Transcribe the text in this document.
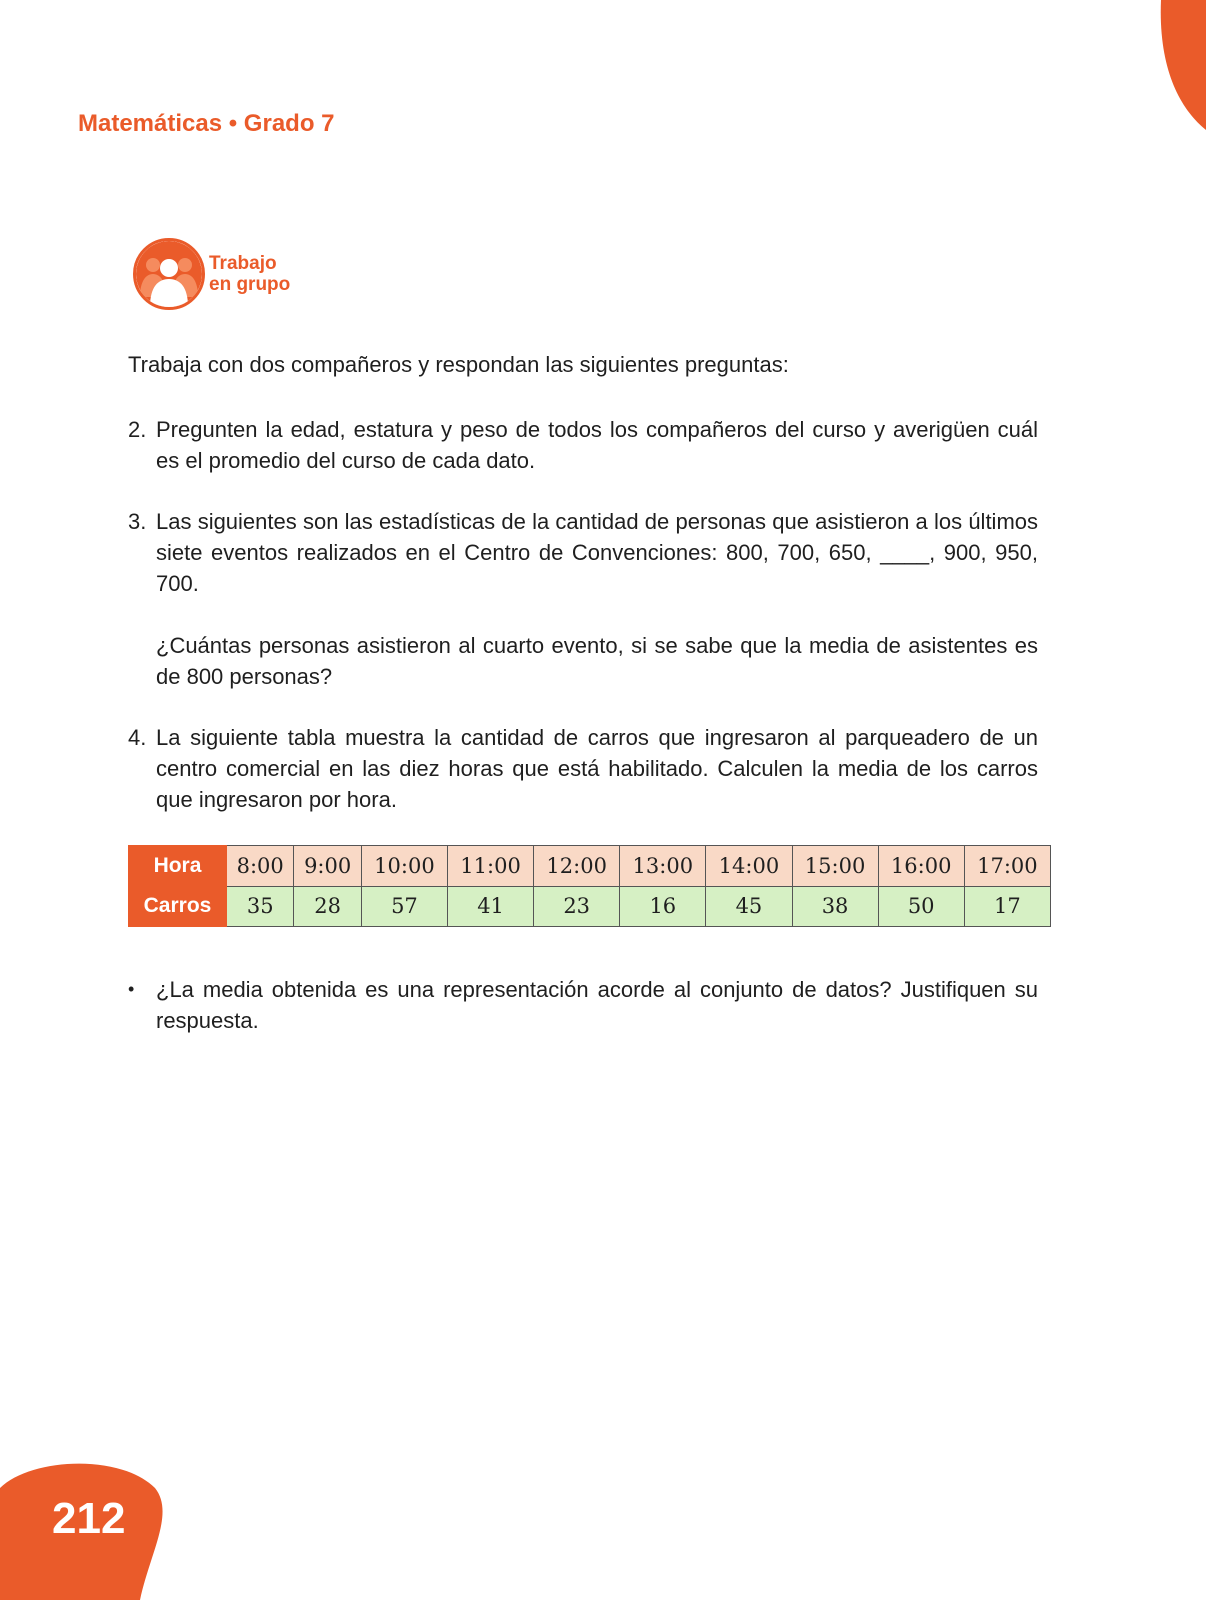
Matemáticas • Grado 7
Trabajo
en grupo
Trabaja con dos compañeros y respondan las siguientes preguntas:
2. Pregunten la edad, estatura y peso de todos los compañeros del curso y averigüen cuál es el promedio del curso de cada dato.
3. Las siguientes son las estadísticas de la cantidad de personas que asistieron a los últimos siete eventos realizados en el Centro de Convenciones: 800, 700, 650, ____, 900, 950, 700.
¿Cuántas personas asistieron al cuarto evento, si se sabe que la media de asistentes es de 800 personas?
4. La siguiente tabla muestra la cantidad de carros que ingresaron al parqueadero de un centro comercial en las diez horas que está habilitado. Calculen la media de los carros que ingresaron por hora.
Hora	8:00	9:00	10:00	11:00	12:00	13:00	14:00	15:00	16:00	17:00
Carros	35	28	57	41	23	16	45	38	50	17
• ¿La media obtenida es una representación acorde al conjunto de datos? Justifiquen su respuesta.
212
